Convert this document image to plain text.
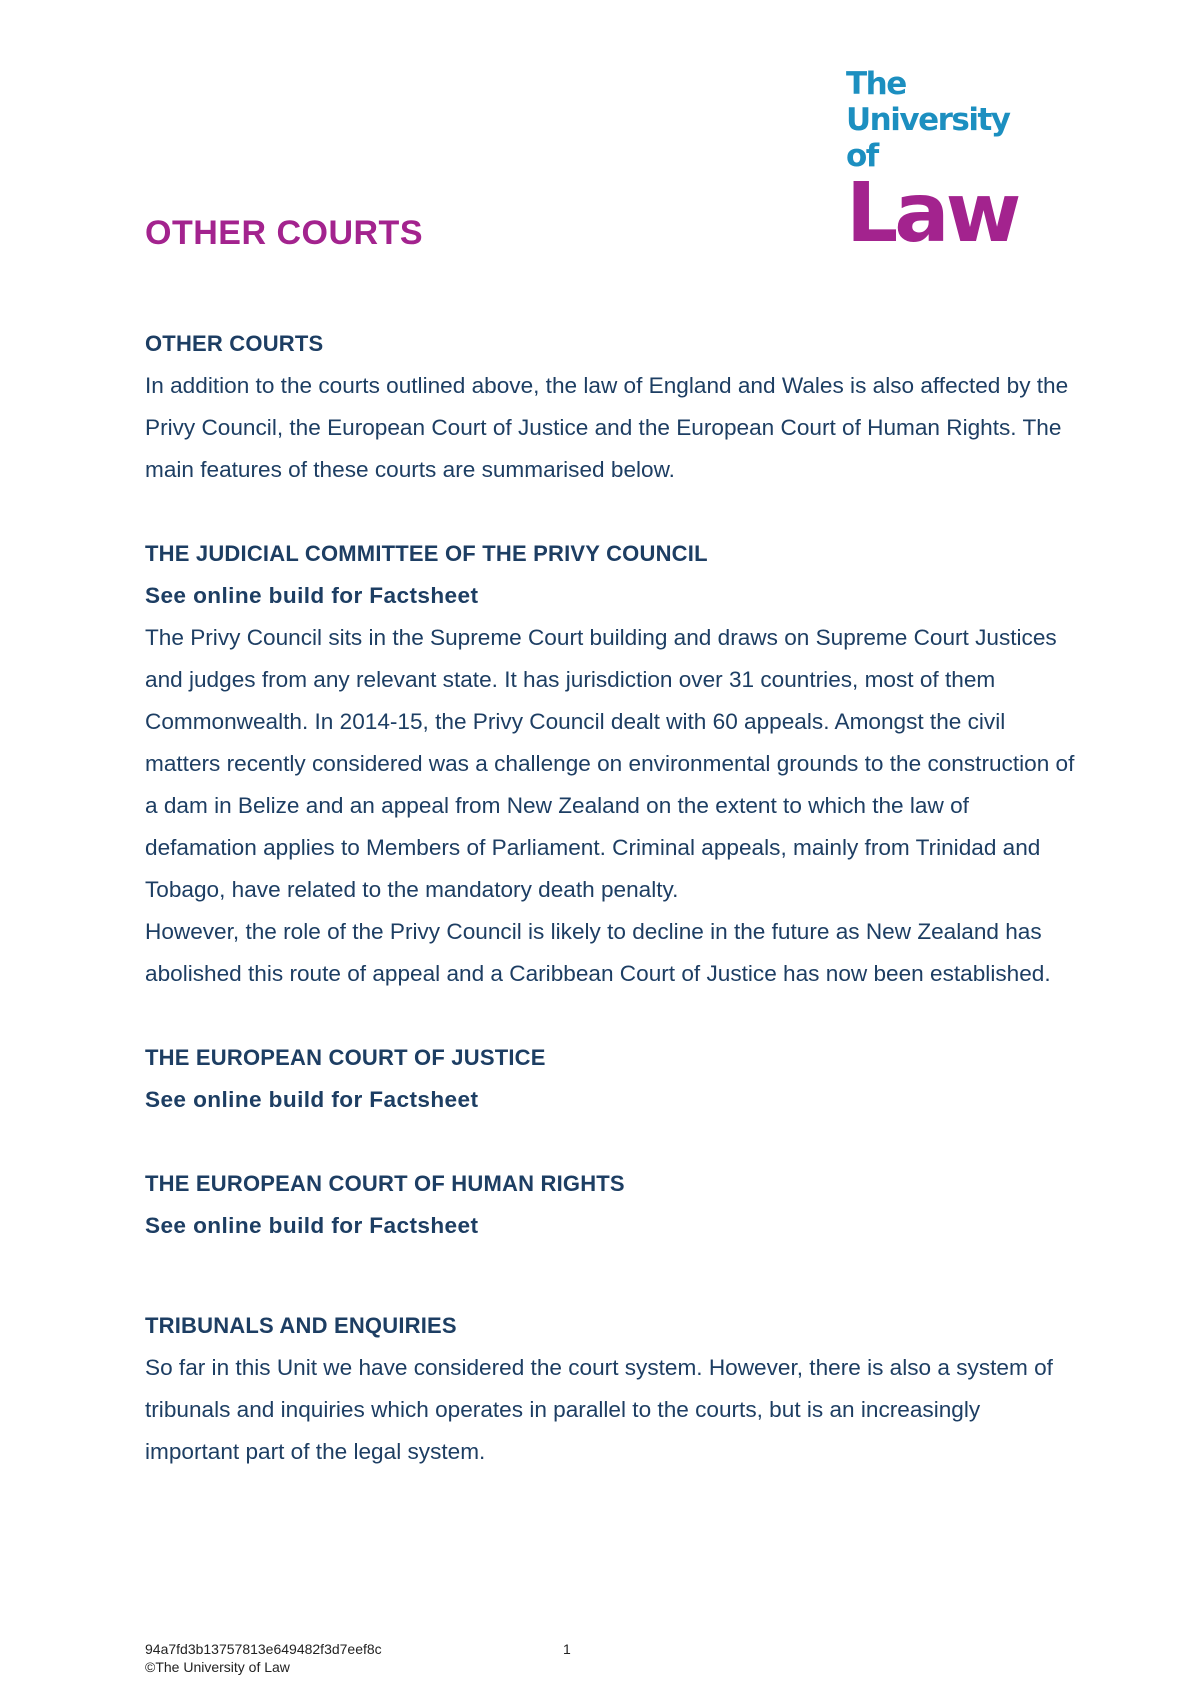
The
University of
Law
OTHER COURTS
OTHER COURTS

In addition to the courts outlined above, the law of England and Wales is also affected by the Privy Council, the European Court of Justice and the European Court of Human Rights. The main features of these courts are summarised below.

THE JUDICIAL COMMITTEE OF THE PRIVY COUNCIL
See online build for Factsheet

The Privy Council sits in the Supreme Court building and draws on Supreme Court Justices and judges from any relevant state. It has jurisdiction over 31 countries, most of them Commonwealth. In 2014-15, the Privy Council dealt with 60 appeals. Amongst the civil matters recently considered was a challenge on environmental grounds to the construction of a dam in Belize and an appeal from New Zealand on the extent to which the law of defamation applies to Members of Parliament. Criminal appeals, mainly from Trinidad and Tobago, have related to the mandatory death penalty.

However, the role of the Privy Council is likely to decline in the future as New Zealand has abolished this route of appeal and a Caribbean Court of Justice has now been established.

THE EUROPEAN COURT OF JUSTICE
See online build for Factsheet
THE EUROPEAN COURT OF HUMAN RIGHTS
See online build for Factsheet
TRIBUNALS AND ENQUIRIES

So far in this Unit we have considered the court system. However, there is also a system of tribunals and inquiries which operates in parallel to the courts, but is an increasingly important part of the legal system.

94a7fd3b13757813e649482f3d7eef8c
©The University of Law
1
